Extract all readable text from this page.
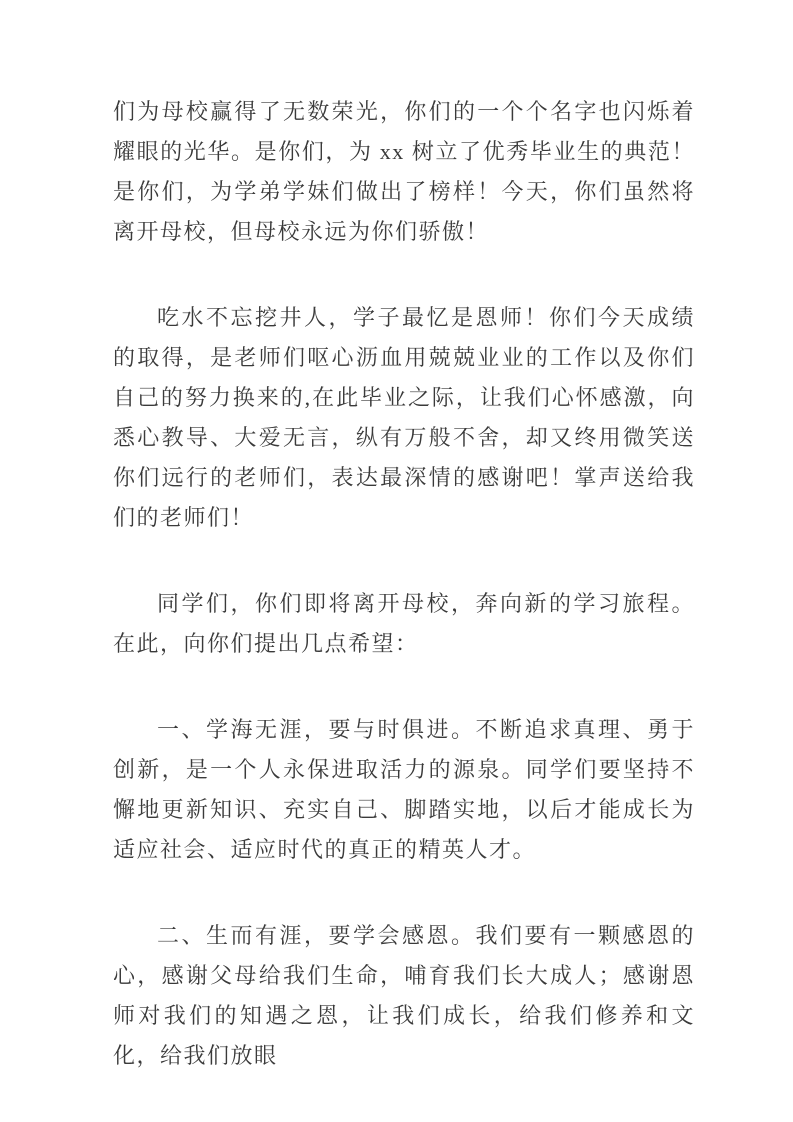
们为母校赢得了无数荣光，你们的一个个名字也闪烁着耀眼的光华。是你们，为 xx 树立了优秀毕业生的典范！是你们，为学弟学妹们做出了榜样！今天，你们虽然将离开母校，但母校永远为你们骄傲！

吃水不忘挖井人，学子最忆是恩师！你们今天成绩的取得，是老师们呕心沥血用兢兢业业的工作以及你们自己的努力换来的,在此毕业之际，让我们心怀感激，向悉心教导、大爱无言，纵有万般不舍，却又终用微笑送你们远行的老师们，表达最深情的感谢吧！掌声送给我们的老师们！

同学们，你们即将离开母校，奔向新的学习旅程。在此，向你们提出几点希望：

一、学海无涯，要与时俱进。不断追求真理、勇于创新，是一个人永保进取活力的源泉。同学们要坚持不懈地更新知识、充实自己、脚踏实地，以后才能成长为适应社会、适应时代的真正的精英人才。

二、生而有涯，要学会感恩。我们要有一颗感恩的心，感谢父母给我们生命，哺育我们长大成人；感谢恩师对我们的知遇之恩，让我们成长，给我们修养和文化，给我们放眼
